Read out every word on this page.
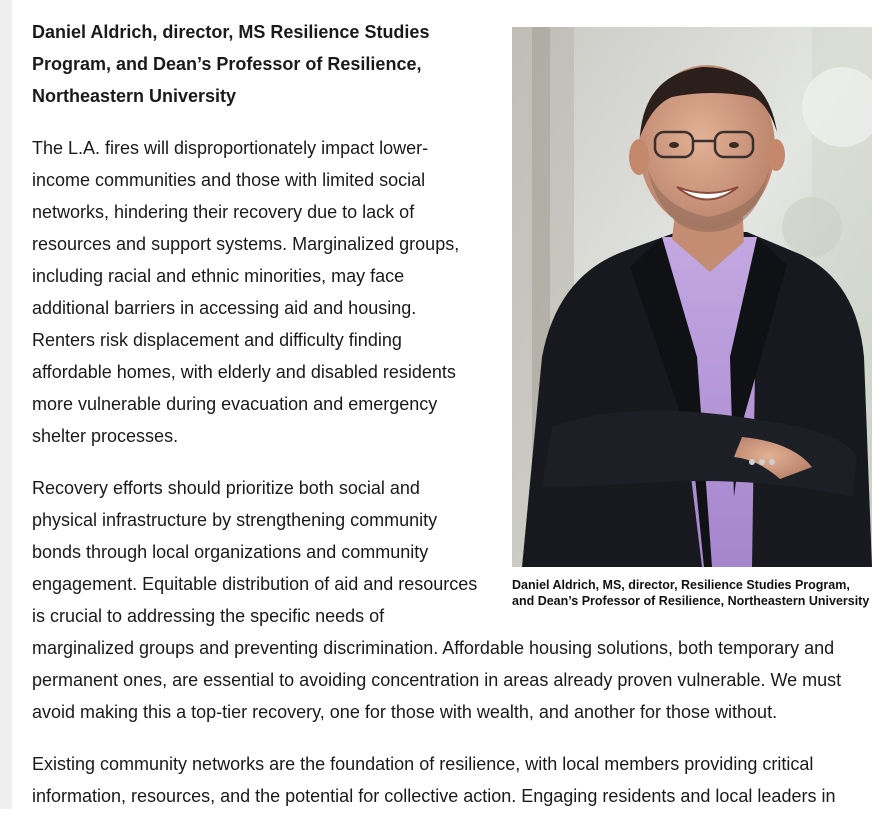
Daniel Aldrich, MS, director, Resilience Studies Program, and Dean’s Professor of Resilience, Northeastern University
Daniel Aldrich, director, MS Resilience Studies Program, and Dean’s Professor of Resilience, Northeastern University

The L.A. fires will disproportionately impact lower-income communities and those with limited social networks, hindering their recovery due to lack of resources and support systems. Marginalized groups, including racial and ethnic minorities, may face additional barriers in accessing aid and housing. Renters risk displacement and difficulty finding affordable homes, with elderly and disabled residents more vulnerable during evacuation and emergency shelter processes.

Recovery efforts should prioritize both social and physical infrastructure by strengthening community bonds through local organizations and community engagement. Equitable distribution of aid and resources is crucial to addressing the specific needs of marginalized groups and preventing discrimination. Affordable housing solutions, both temporary and permanent ones, are essential to avoiding concentration in areas already proven vulnerable. We must avoid making this a top-tier recovery, one for those with wealth, and another for those without.

Existing community networks are the foundation of resilience, with local members providing critical information, resources, and the potential for collective action. Engaging residents and local leaders in
